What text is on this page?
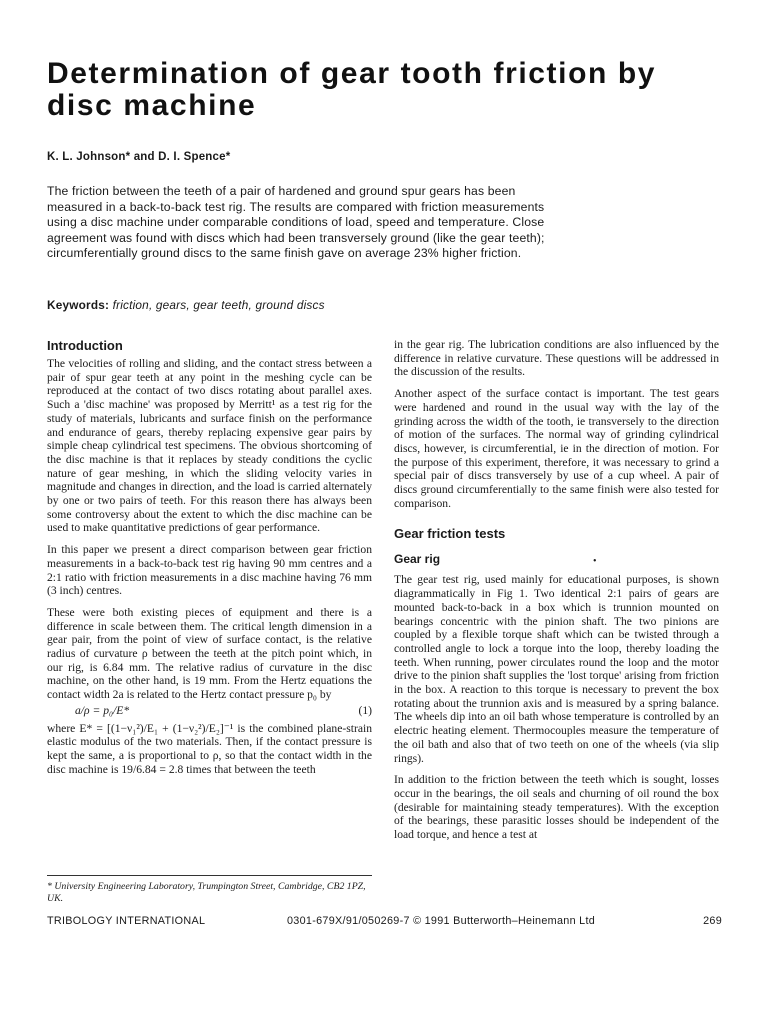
Determination of gear tooth friction by disc machine

K. L. Johnson* and D. I. Spence*

The friction between the teeth of a pair of hardened and ground spur gears has been measured in a back-to-back test rig. The results are compared with friction measurements using a disc machine under comparable conditions of load, speed and temperature. Close agreement was found with discs which had been transversely ground (like the gear teeth); circumferentially ground discs to the same finish gave on average 23% higher friction.

Keywords: friction, gears, gear teeth, ground discs

Introduction

The velocities of rolling and sliding, and the contact stress between a pair of spur gear teeth at any point in the meshing cycle can be reproduced at the contact of two discs rotating about parallel axes. Such a 'disc machine' was proposed by Merritt¹ as a test rig for the study of materials, lubricants and surface finish on the performance and endurance of gears, thereby replacing expensive gear pairs by simple cheap cylindrical test specimens. The obvious shortcoming of the disc machine is that it replaces by steady conditions the cyclic nature of gear meshing, in which the sliding velocity varies in magnitude and changes in direction, and the load is carried alternately by one or two pairs of teeth. For this reason there has always been some controversy about the extent to which the disc machine can be used to make quantitative predictions of gear performance.

In this paper we present a direct comparison between gear friction measurements in a back-to-back test rig having 90 mm centres and a 2:1 ratio with friction measurements in a disc machine having 76 mm (3 inch) centres.

These were both existing pieces of equipment and there is a difference in scale between them. The critical length dimension in a gear pair, from the point of view of surface contact, is the relative radius of curvature ρ between the teeth at the pitch point which, in our rig, is 6.84 mm. The relative radius of curvature in the disc machine, on the other hand, is 19 mm. From the Hertz equations the contact width 2a is related to the Hertz contact pressure p₀ by

a/ρ = p₀/E*	(1)

where E* = [(1−ν₁²)/E₁ + (1−ν₂²)/E₂]⁻¹ is the combined plane-strain elastic modulus of the two materials. Then, if the contact pressure is kept the same, a is proportional to ρ, so that the contact width in the disc machine is 19/6.84 = 2.8 times that between the teeth

in the gear rig. The lubrication conditions are also influenced by the difference in relative curvature. These questions will be addressed in the discussion of the results.

Another aspect of the surface contact is important. The test gears were hardened and round in the usual way with the lay of the grinding across the width of the tooth, ie transversely to the direction of motion of the surfaces. The normal way of grinding cylindrical discs, however, is circumferential, ie in the direction of motion. For the purpose of this experiment, therefore, it was necessary to grind a special pair of discs transversely by use of a cup wheel. A pair of discs ground circumferentially to the same finish were also tested for comparison.

Gear friction tests
Gear rig

The gear test rig, used mainly for educational purposes, is shown diagrammatically in Fig 1. Two identical 2:1 pairs of gears are mounted back-to-back in a box which is trunnion mounted on bearings concentric with the pinion shaft. The two pinions are coupled by a flexible torque shaft which can be twisted through a controlled angle to lock a torque into the loop, thereby loading the teeth. When running, power circulates round the loop and the motor drive to the pinion shaft supplies the 'lost torque' arising from friction in the box. A reaction to this torque is necessary to prevent the box rotating about the trunnion axis and is measured by a spring balance. The wheels dip into an oil bath whose temperature is controlled by an electric heating element. Thermocouples measure the temperature of the oil bath and also that of two teeth on one of the wheels (via slip rings).

In addition to the friction between the teeth which is sought, losses occur in the bearings, the oil seals and churning of oil round the box (desirable for maintaining steady temperatures). With the exception of the bearings, these parasitic losses should be independent of the load torque, and hence a test at

•

* University Engineering Laboratory, Trumpington Street, Cambridge, CB2 1PZ, UK.

TRIBOLOGY INTERNATIONAL	0301-679X/91/050269-7 © 1991 Butterworth–Heinemann Ltd	269
